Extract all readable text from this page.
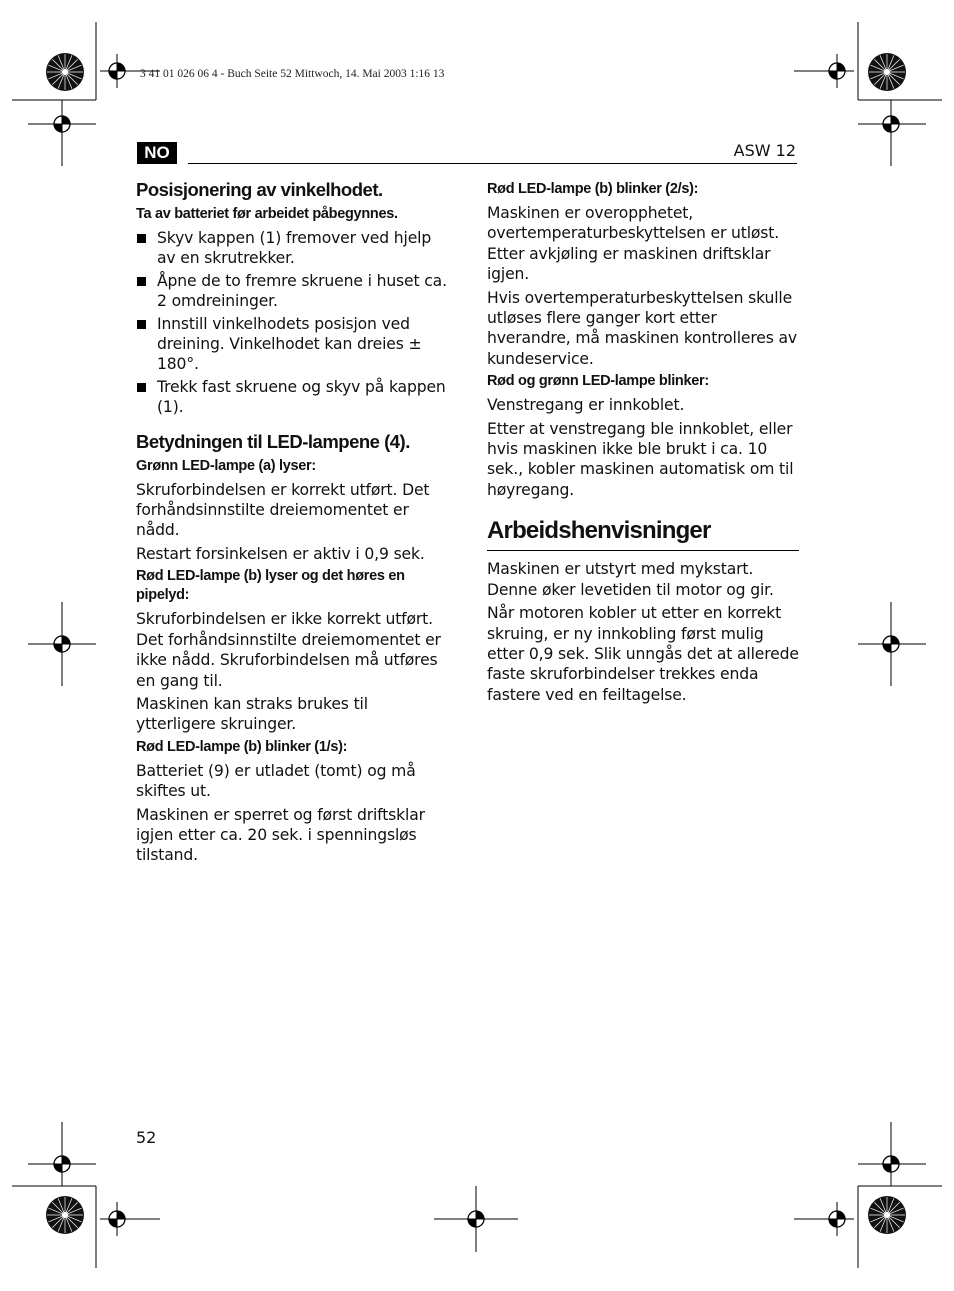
3 41 01 026 06 4 - Buch Seite 52 Mittwoch, 14. Mai 2003 1:16 13
NO	ASW 12
Posisjonering av vinkelhodet.
Ta av batteriet før arbeidet påbegynnes.
Skyv kappen (1) fremover ved hjelp av en skrutrekker.
Åpne de to fremre skruene i huset ca. 2 omdreininger.
Innstill vinkelhodets posisjon ved dreining. Vinkelhodet kan dreies ± 180°.
Trekk fast skruene og skyv på kappen (1).
Betydningen til LED-lampene (4).
Grønn LED-lampe (a) lyser:

Skruforbindelsen er korrekt utført. Det forhåndsinnstilte dreiemomentet er nådd.

Restart forsinkelsen er aktiv i 0,9 sek.

Rød LED-lampe (b) lyser og det høres en pipelyd:

Skruforbindelsen er ikke korrekt utført. Det forhåndsinnstilte dreiemomentet er ikke nådd. Skruforbindelsen må utføres en gang til.

Maskinen kan straks brukes til ytterligere skruinger.

Rød LED-lampe (b) blinker (1/s):

Batteriet (9) er utladet (tomt) og må skiftes ut.

Maskinen er sperret og først driftsklar igjen etter ca. 20 sek. i spenningsløs tilstand.

Rød LED-lampe (b) blinker (2/s):

Maskinen er overopphetet, overtemperaturbeskyttelsen er utløst. Etter avkjøling er maskinen driftsklar igjen.

Hvis overtemperaturbeskyttelsen skulle utløses flere ganger kort etter hverandre, må maskinen kontrolleres av kundeservice.

Rød og grønn LED-lampe blinker:

Venstregang er innkoblet.

Etter at venstregang ble innkoblet, eller hvis maskinen ikke ble brukt i ca. 10 sek., kobler maskinen automatisk om til høyregang.

Arbeidshenvisninger

Maskinen er utstyrt med mykstart. Denne øker levetiden til motor og gir.

Når motoren kobler ut etter en korrekt skruing, er ny innkobling først mulig etter 0,9 sek. Slik unngås det at allerede faste skruforbindelser trekkes enda fastere ved en feiltagelse.

52
